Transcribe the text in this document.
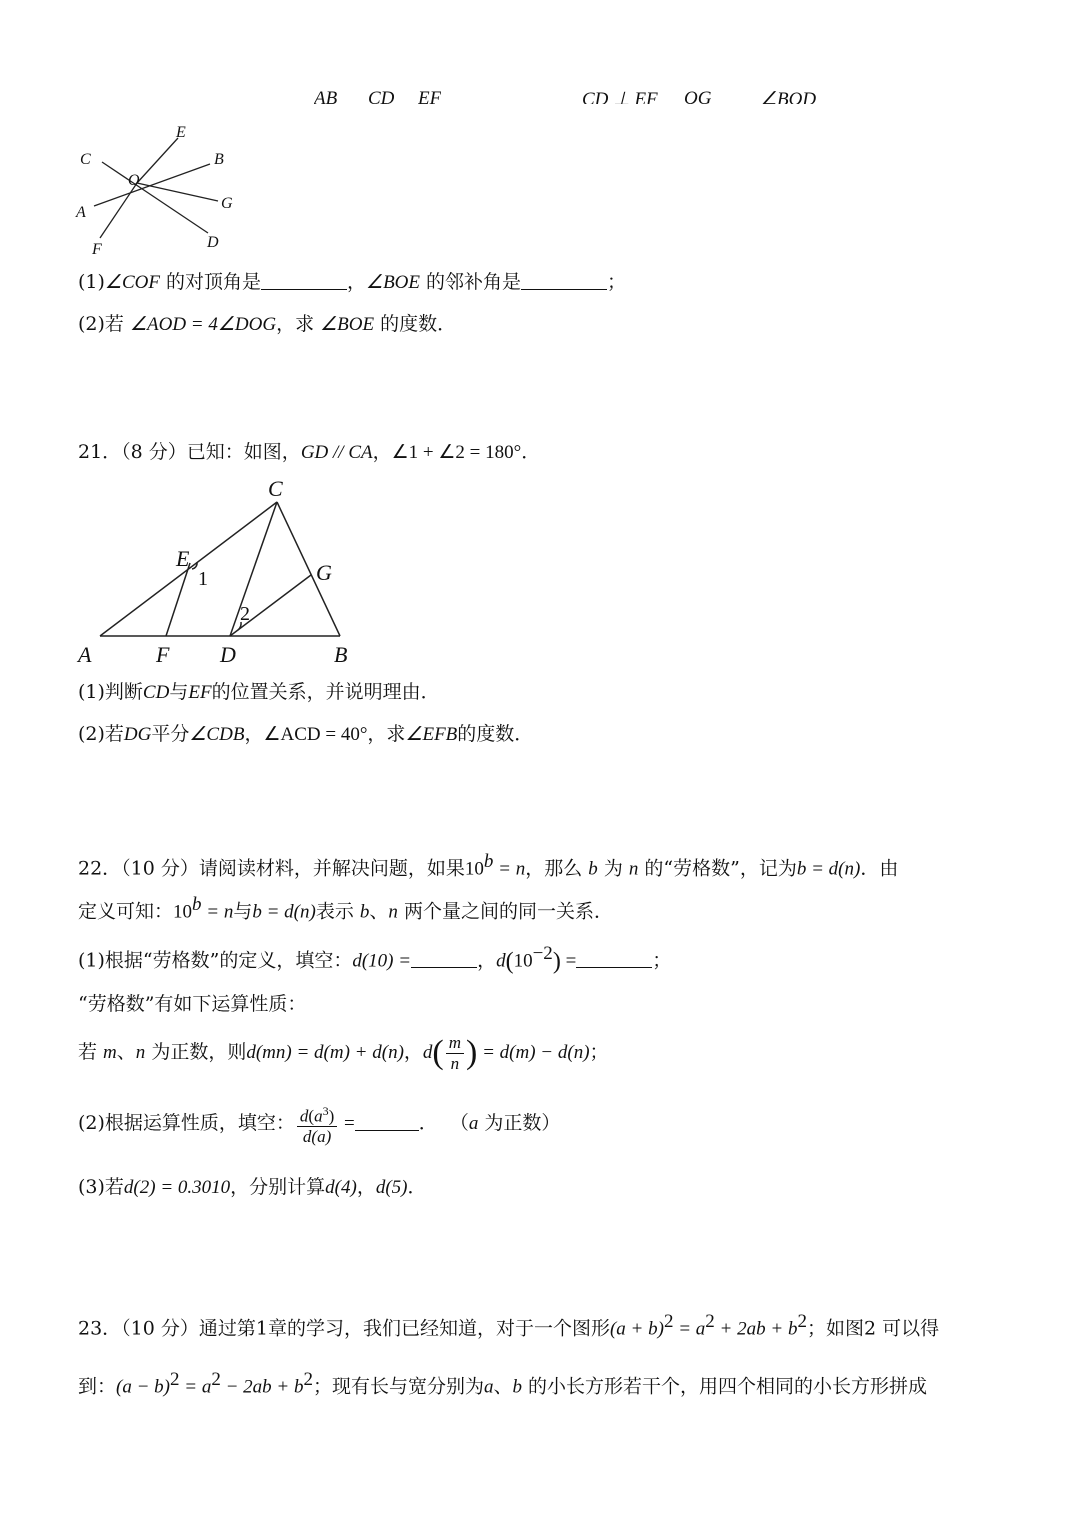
AB CD EF	CD ⊥ EF OG	∠BOD
C
E
B
O
A
G
F	D
(1)∠COF 的对顶角是	，∠BOE 的邻补角是	；
(2)若 ∠AOD = 4∠DOG，求 ∠BOE 的度数．
21．（8 分）已知：如图，GD // CA，∠1 + ∠2 = 180°．
C
E
G
A	F D	B
1
2
(1)判断CD与EF的位置关系，并说明理由．
(2)若DG平分∠CDB，∠ACD = 40°，求∠EFB的度数．
22．（10 分）请阅读材料，并解决问题，如果$10^b = n$，那么 b 为 n 的“劳格数”，记为b = d(n)．由
定义可知：$10^b = n$与b = d(n)表示 b、n 两个量之间的同一关系．
(1)根据“劳格数”的定义，填空：d(10) =	，$d(10^{-2})$ =	；
“劳格数”有如下运算性质：
若 m、n 为正数，则d(mn) = d(m) + d(n)，$d( \frac{m}{n}$ ) = d(m) − d(n)；
(2)根据运算性质，填空： $\frac{d(a^3)}{d(a)}$ =	． （a 为正数）
(3)若d(2) = 0.3010，分别计算d(4)，d(5)．
23．（10 分）通过第1章的学习，我们已经知道，对于一个图形$(a + b)^2 = a^2 + 2ab + b^2$；如图2 可以得
到：$(a - b)^2 = a^2 - 2ab + b^2$；现有长与宽分别为a、b 的小长方形若干个，用四个相同的小长方形拼成
